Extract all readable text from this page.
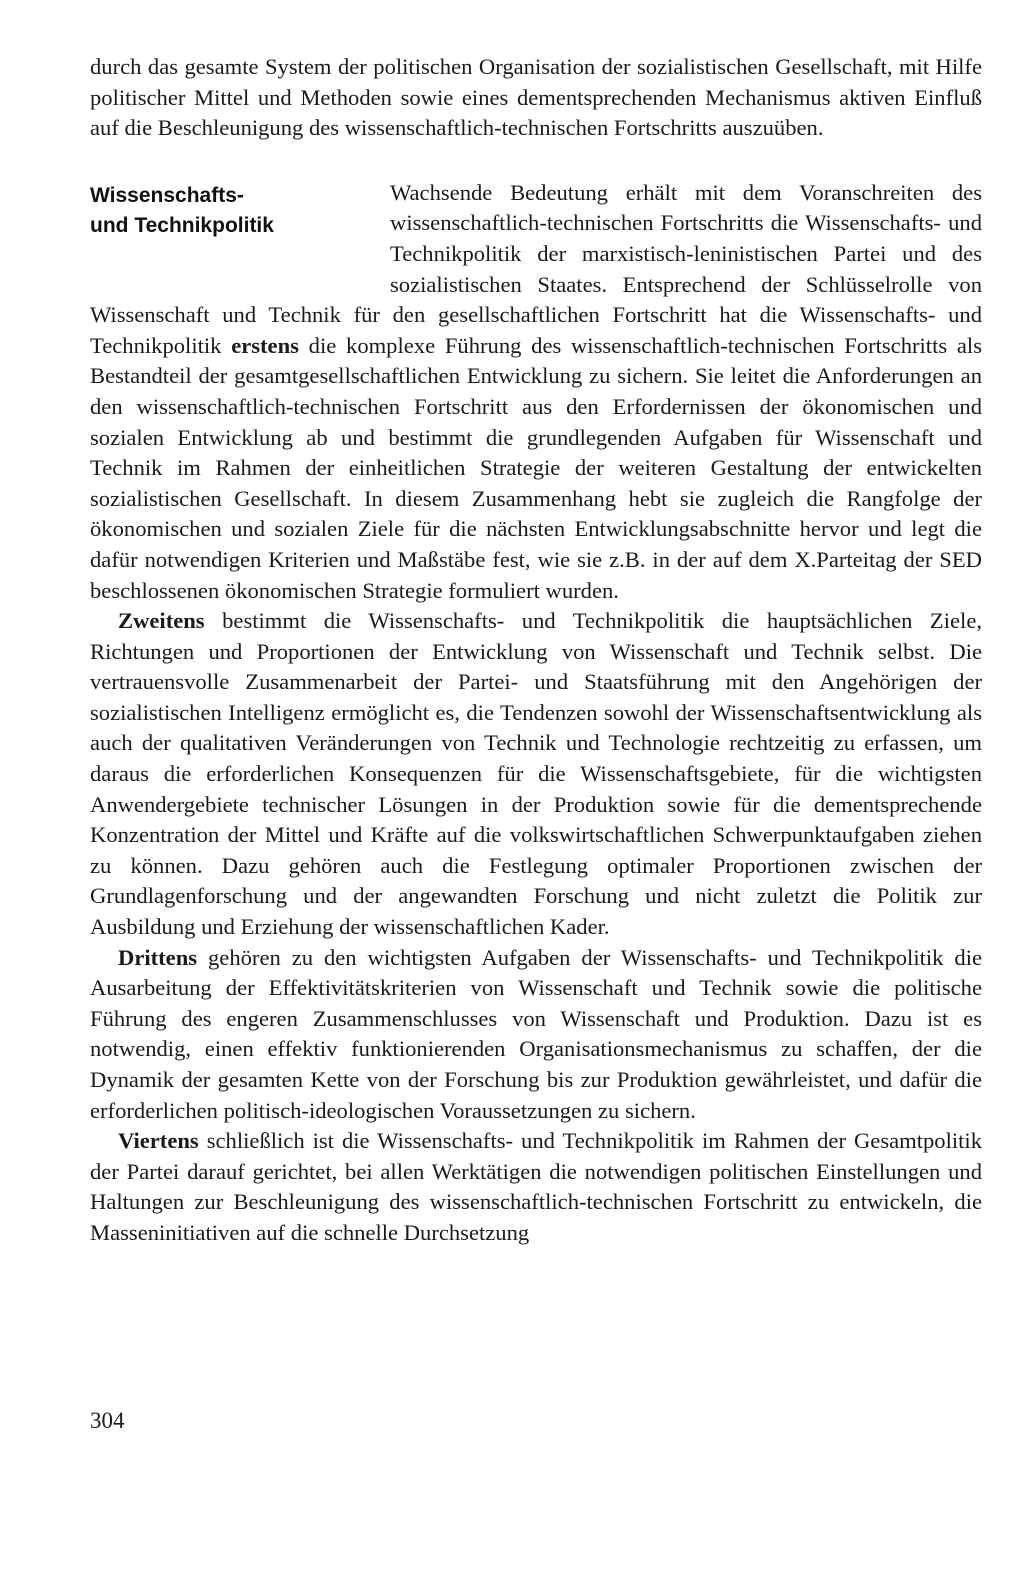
durch das gesamte System der politischen Organisation der sozialistischen Gesellschaft, mit Hilfe politischer Mittel und Methoden sowie eines dementsprechenden Mechanismus aktiven Einfluß auf die Beschleunigung des wissenschaftlich-technischen Fortschritts auszuüben.

Wissenschafts-
und Technikpolitik

Wachsende Bedeutung erhält mit dem Voranschreiten des wissenschaftlich-technischen Fortschritts die Wissenschafts- und Technikpolitik der marxistisch-leninistischen Partei und des sozialistischen Staates. Entsprechend der Schlüsselrolle von Wissenschaft und Technik für den gesellschaftlichen Fortschritt hat die Wissenschafts- und Technikpolitik erstens die komplexe Führung des wissenschaftlich-technischen Fortschritts als Bestandteil der gesamtgesellschaftlichen Entwicklung zu sichern. Sie leitet die Anforderungen an den wissenschaftlich-technischen Fortschritt aus den Erfordernissen der ökonomischen und sozialen Entwicklung ab und bestimmt die grundlegenden Aufgaben für Wissenschaft und Technik im Rahmen der einheitlichen Strategie der weiteren Gestaltung der entwickelten sozialistischen Gesellschaft. In diesem Zusammenhang hebt sie zugleich die Rangfolge der ökonomischen und sozialen Ziele für die nächsten Entwicklungsabschnitte hervor und legt die dafür notwendigen Kriterien und Maßstäbe fest, wie sie z.B. in der auf dem X.Parteitag der SED beschlossenen ökonomischen Strategie formuliert wurden.

Zweitens bestimmt die Wissenschafts- und Technikpolitik die hauptsächlichen Ziele, Richtungen und Proportionen der Entwicklung von Wissenschaft und Technik selbst. Die vertrauensvolle Zusammenarbeit der Partei- und Staatsführung mit den Angehörigen der sozialistischen Intelligenz ermöglicht es, die Tendenzen sowohl der Wissenschaftsentwicklung als auch der qualitativen Veränderungen von Technik und Technologie rechtzeitig zu erfassen, um daraus die erforderlichen Konsequenzen für die Wissenschaftsgebiete, für die wichtigsten Anwendergebiete technischer Lösungen in der Produktion sowie für die dementsprechende Konzentration der Mittel und Kräfte auf die volkswirtschaftlichen Schwerpunktaufgaben ziehen zu können. Dazu gehören auch die Festlegung optimaler Proportionen zwischen der Grundlagenforschung und der angewandten Forschung und nicht zuletzt die Politik zur Ausbildung und Erziehung der wissenschaftlichen Kader.

Drittens gehören zu den wichtigsten Aufgaben der Wissenschafts- und Technikpolitik die Ausarbeitung der Effektivitätskriterien von Wissenschaft und Technik sowie die politische Führung des engeren Zusammenschlusses von Wissenschaft und Produktion. Dazu ist es notwendig, einen effektiv funktionierenden Organisationsmechanismus zu schaffen, der die Dynamik der gesamten Kette von der Forschung bis zur Produktion gewährleistet, und dafür die erforderlichen politisch-ideologischen Voraussetzungen zu sichern.

Viertens schließlich ist die Wissenschafts- und Technikpolitik im Rahmen der Gesamtpolitik der Partei darauf gerichtet, bei allen Werktätigen die notwendigen politischen Einstellungen und Haltungen zur Beschleunigung des wissenschaftlich-technischen Fortschritt zu entwickeln, die Masseninitiativen auf die schnelle Durchsetzung

304
